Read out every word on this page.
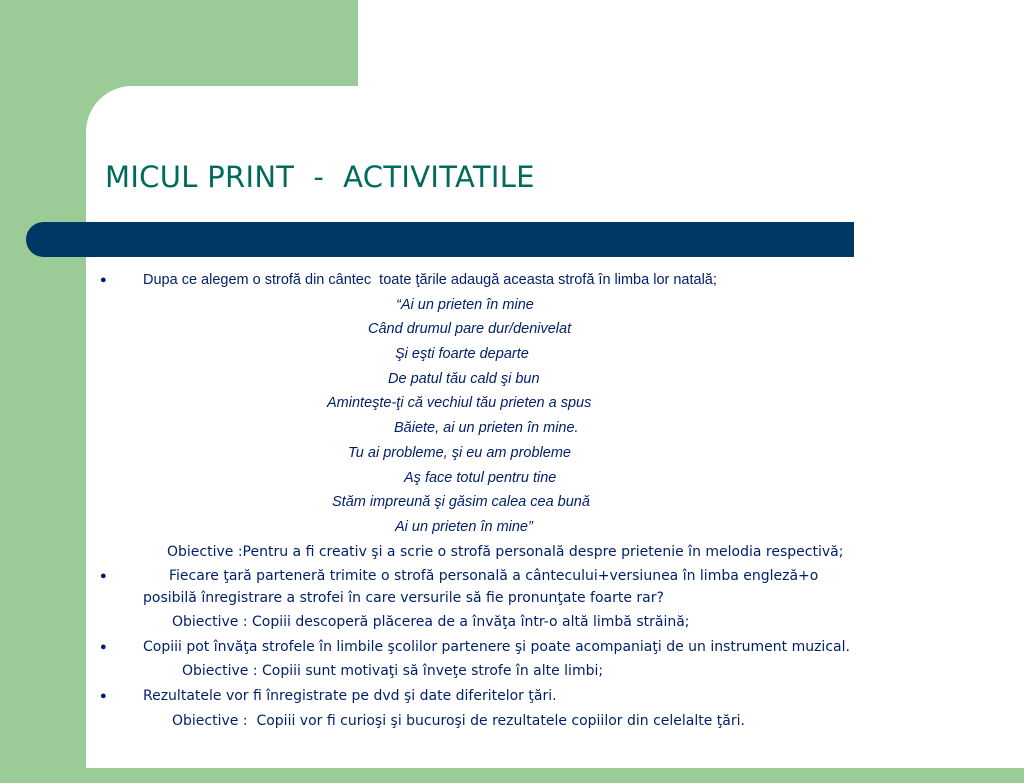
MICUL PRINT  -  ACTIVITATILE

●

	Dupa ce alegem o strofă din cântec  toate ţările adaugă aceasta strofă în limba lor natală;

“Ai un prieten în mine
Când drumul pare dur/denivelat
Şi eşti foarte departe
De patul tău cald şi bun
Aminteşte-ţi că vechiul tău prieten a spus
Băiete, ai un prieten în mine.
Tu ai probleme, şi eu am probleme
Aş face totul pentru tine
Stăm impreună şi găsim calea cea bună
Ai un prieten în mine”

Obiective :Pentru a fi creativ şi a scrie o strofă personală despre prietenie în melodia respectivă;

●

	Fiecare ţară parteneră trimite o strofă personală a cântecului+versiunea în limba engleză+o

posibilă înregistrare a strofei în care versurile să fie pronunţate foarte rar?

Obiective : Copiii descoperă plăcerea de a învăţa într-o altă limbă străină;

●

	Copiii pot învăţa strofele în limbile şcolilor partenere şi poate acompaniaţi de un instrument muzical.

Obiective : Copiii sunt motivaţi să înveţe strofe în alte limbi;

●

	Rezultatele vor fi înregistrate pe dvd şi date diferitelor ţări.

Obiective :  Copiii vor fi curioşi şi bucuroşi de rezultatele copiilor din celelalte ţări.
